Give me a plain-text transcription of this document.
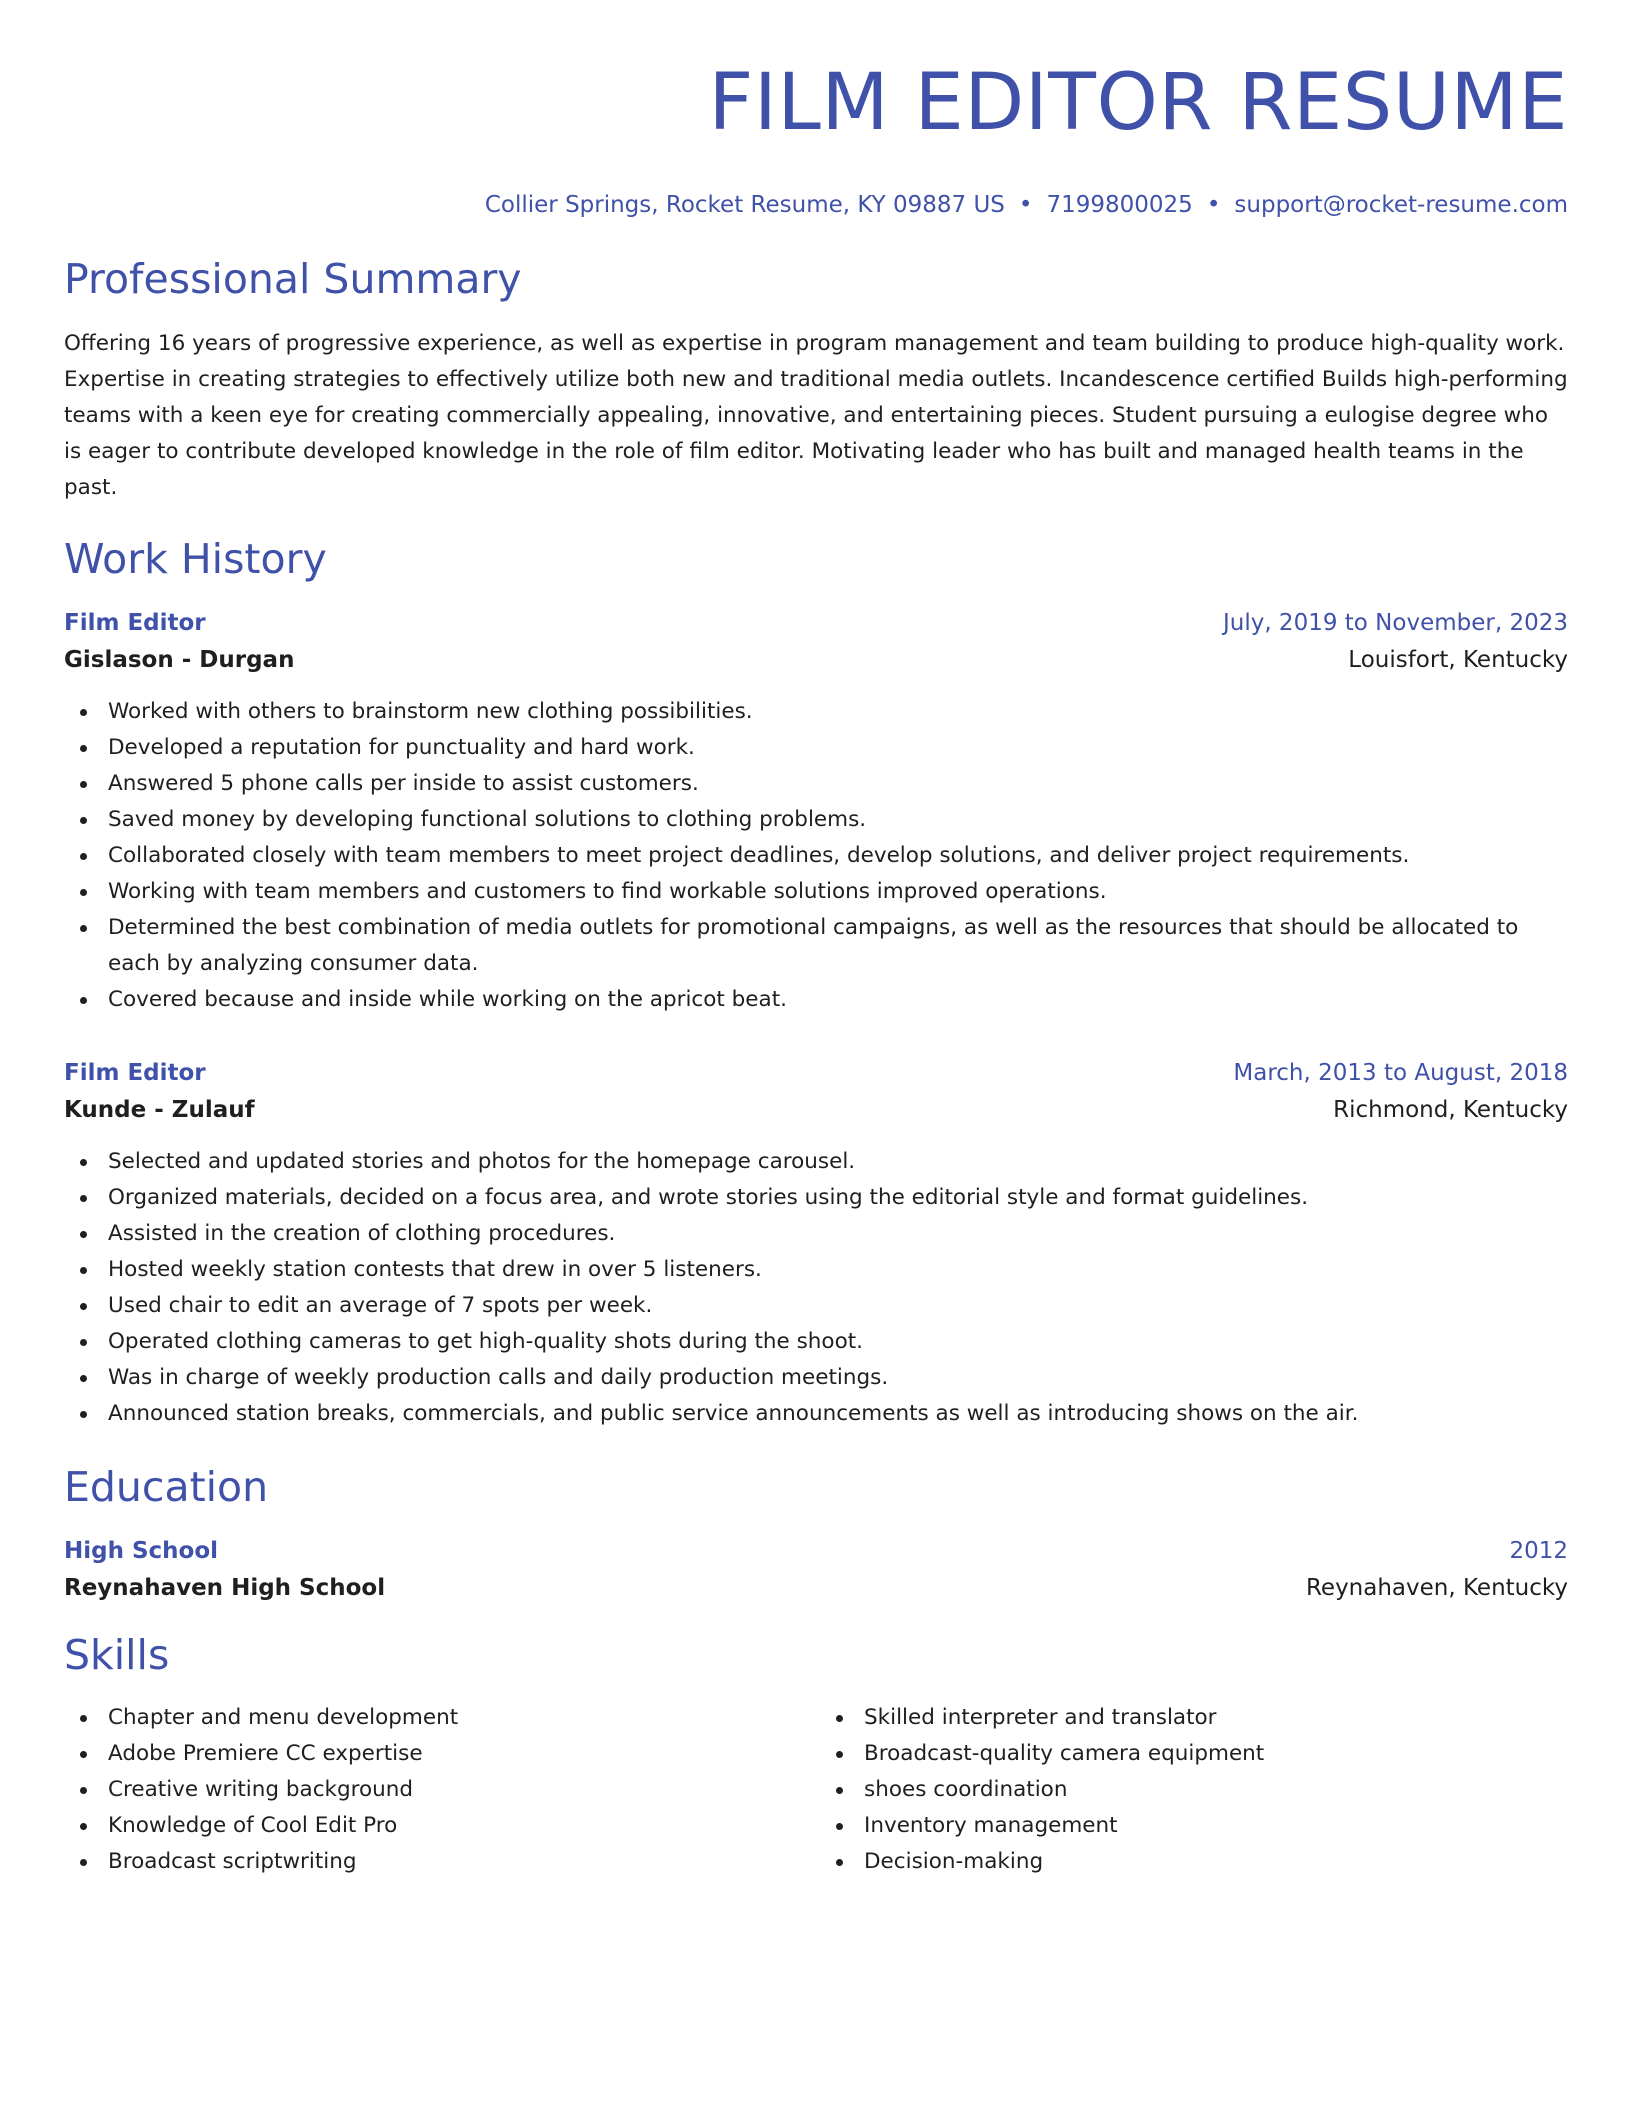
FILM EDITOR RESUME
Collier Springs, Rocket Resume, KY 09887 US • 7199800025 • support@rocket-resume.com
Professional Summary

Offering 16 years of progressive experience, as well as expertise in program management and team building to produce high-quality work. Expertise in creating strategies to effectively utilize both new and traditional media outlets. Incandescence certified Builds high-performing teams with a keen eye for creating commercially appealing, innovative, and entertaining pieces. Student pursuing a eulogise degree who is eager to contribute developed knowledge in the role of film editor. Motivating leader who has built and managed health teams in the past.

Work History
Film Editor	July, 2019 to November, 2023
Gislason - Durgan	Louisfort, Kentucky
Worked with others to brainstorm new clothing possibilities.
Developed a reputation for punctuality and hard work.
Answered 5 phone calls per inside to assist customers.
Saved money by developing functional solutions to clothing problems.
Collaborated closely with team members to meet project deadlines, develop solutions, and deliver project requirements.
Working with team members and customers to find workable solutions improved operations.
Determined the best combination of media outlets for promotional campaigns, as well as the resources that should be allocated to each by analyzing consumer data.
Covered because and inside while working on the apricot beat.
Film Editor	March, 2013 to August, 2018
Kunde - Zulauf	Richmond, Kentucky
Selected and updated stories and photos for the homepage carousel.
Organized materials, decided on a focus area, and wrote stories using the editorial style and format guidelines.
Assisted in the creation of clothing procedures.
Hosted weekly station contests that drew in over 5 listeners.
Used chair to edit an average of 7 spots per week.
Operated clothing cameras to get high-quality shots during the shoot.
Was in charge of weekly production calls and daily production meetings.
Announced station breaks, commercials, and public service announcements as well as introducing shows on the air.
Education
High School	2012
Reynahaven High School	Reynahaven, Kentucky
Skills
Chapter and menu development
Adobe Premiere CC expertise
Creative writing background
Knowledge of Cool Edit Pro
Broadcast scriptwriting
Skilled interpreter and translator
Broadcast-quality camera equipment
shoes coordination
Inventory management
Decision-making
